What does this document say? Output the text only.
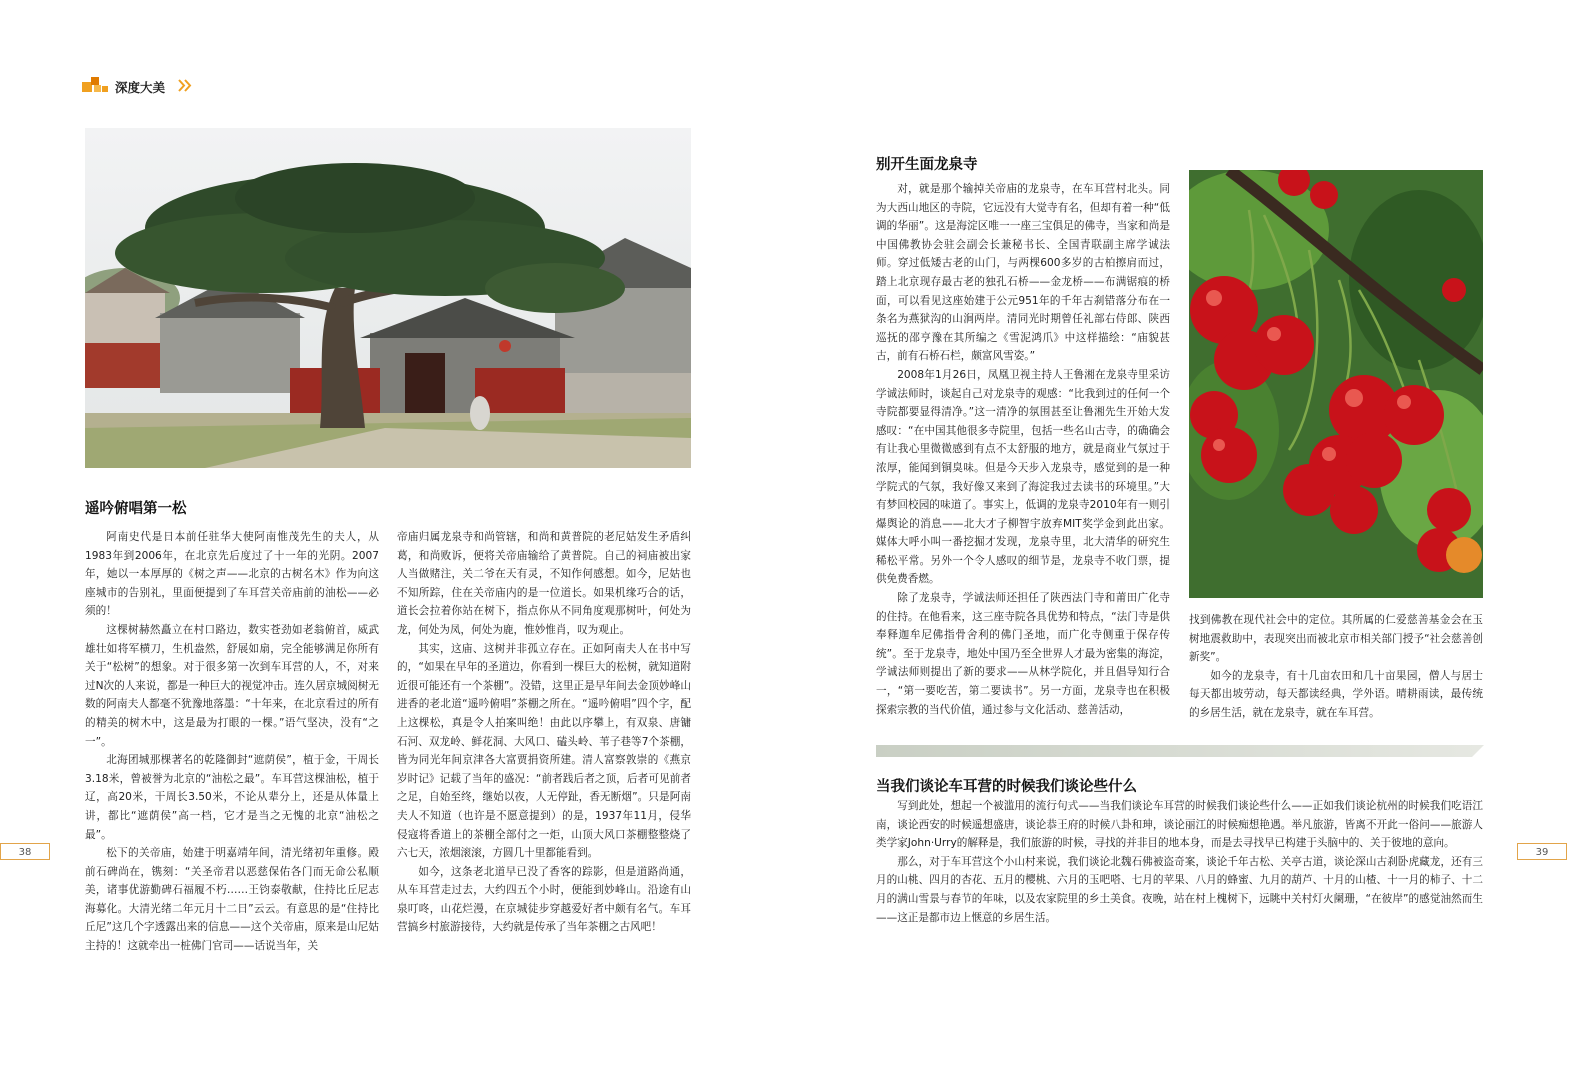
深度大美
遥吟俯唱第一松

阿南史代是日本前任驻华大使阿南惟茂先生的夫人，从1983年到2006年，在北京先后度过了十一年的光阴。2007年，她以一本厚厚的《树之声——北京的古树名木》作为向这座城市的告别礼，里面便提到了车耳营关帝庙前的油松——必须的！

这棵树赫然矗立在村口路边，数实苍劲如老翁俯首，威武雄壮如将军横刀，生机盎然，舒展如扇，完全能够满足你所有关于“松树”的想象。对于很多第一次到车耳营的人，不，对来过N次的人来说，都是一种巨大的视觉冲击。连久居京城阅树无数的阿南夫人都毫不犹豫地落墨：“十年来，在北京看过的所有的精美的树木中，这是最为打眼的一棵。”语气坚决，没有“之一”。

北海团城那棵著名的乾隆御封“遮荫侯”，植于金，干周长3.18米，曾被誉为北京的“油松之最”。车耳营这棵油松，植于辽，高20米，干周长3.50米，不论从辈分上，还是从体量上讲，都比“遮荫侯”高一档，它才是当之无愧的北京“油松之最”。

松下的关帝庙，始建于明嘉靖年间，清光绪初年重修。殿前石碑尚在，镌刻：“关圣帝君以恶慈保佑各门而无命公私顺美，诸事优游勤碑石福履不朽……王钧泰敬献，住持比丘尼志海募化。大清光绪二年元月十二日”云云。有意思的是“住持比丘尼”这几个字透露出来的信息——这个关帝庙，原来是山尼姑主持的！这就牵出一桩佛门官司——话说当年，关

帝庙归属龙泉寺和尚管辖，和尚和黄普院的老尼姑发生矛盾纠葛，和尚败诉，便将关帝庙输给了黄普院。自己的祠庙被出家人当做赌注，关二爷在天有灵，不知作何感想。如今，尼姑也不知所踪，住在关帝庙内的是一位道长。如果机缘巧合的话，道长会拉着你站在树下，指点你从不同角度观那树叶，何处为龙，何处为凤，何处为鹿，惟妙惟肖，叹为观止。

其实，这庙、这树并非孤立存在。正如阿南夫人在书中写的，“如果在早年的圣道边，你看到一棵巨大的松树，就知道附近很可能还有一个茶棚”。没错，这里正是早年间去金顶妙峰山进香的老北道“遥吟俯唱”茶棚之所在。“遥吟俯唱”四个字，配上这棵松，真是令人拍案叫绝！由此以序攀上，有双泉、唐镛石河、双龙岭、鲜花洞、大风口、磕头岭、苇子巷等7个茶棚，皆为同光年间京津各大富贾捐资所建。清人富察敦崇的《燕京岁时记》记载了当年的盛况：“前者践后者之顶，后者可见前者之足，自始至终，继始以夜，人无停趾，香无断烟”。只是阿南夫人不知道（也许是不愿意提到）的是，1937年11月，侵华侵寇将香道上的茶棚全部付之一炬，山顶大风口茶棚整整烧了六七天，浓烟滚滚，方圆几十里都能看到。

如今，这条老北道早已没了香客的踪影，但是道路尚通，从车耳营走过去，大约四五个小时，便能到妙峰山。沿途有山泉叮咚，山花烂漫，在京城徒步穿越爱好者中颇有名气。车耳营搞乡村旅游接待，大约就是传承了当年茶棚之古风吧！

38
别开生面龙泉寺

对，就是那个输掉关帝庙的龙泉寺，在车耳营村北头。同为大西山地区的寺院，它远没有大觉寺有名，但却有着一种“低调的华丽”。这是海淀区唯一一座三宝俱足的佛寺，当家和尚是中国佛教协会驻会副会长兼秘书长、全国青联副主席学诚法师。穿过低矮古老的山门，与两棵600多岁的古柏擦肩而过，踏上北京现存最古老的独孔石桥——金龙桥——布满锯痕的桥面，可以看见这座始建于公元951年的千年古刹错落分布在一条名为燕狱沟的山涧两岸。清同光时期曾任礼部右侍郎、陕西巡抚的邵亨豫在其所编之《雪泥鸿爪》中这样描绘：“庙貌甚古，前有石桥石栏，颇富风雪姿。”

2008年1月26日，凤凰卫视主持人王鲁湘在龙泉寺里采访学诚法师时，谈起自己对龙泉寺的观感：“比我到过的任何一个寺院都要显得清净。”这一清净的氛围甚至让鲁湘先生开始大发感叹：“在中国其他很多寺院里，包括一些名山古寺，的确确会有让我心里微微感到有点不太舒服的地方，就是商业气氛过于浓厚，能闻到铜臭味。但是今天步入龙泉寺，感觉到的是一种学院式的气氛，我好像又来到了海淀我过去读书的环境里。”大有梦回校园的味道了。事实上，低调的龙泉寺2010年有一则引爆舆论的消息——北大才子柳智宇放弃MIT奖学金到此出家。媒体大呼小叫一番挖掘才发现，龙泉寺里，北大清华的研究生稀松平常。另外一个令人感叹的细节是，龙泉寺不收门票，提供免费香燃。

除了龙泉寺，学诚法师还担任了陕西法门寺和莆田广化寺的住持。在他看来，这三座寺院各具优势和特点，“法门寺是供奉释迦牟尼佛指骨舍利的佛门圣地，而广化寺侧重于保存传统”。至于龙泉寺，地处中国乃至全世界人才最为密集的海淀，学诚法师则提出了新的要求——从林学院化，并且倡导知行合一，“第一要吃苦，第二要读书”。另一方面，龙泉寺也在积极探索宗教的当代价值，通过参与文化活动、慈善活动，

找到佛教在现代社会中的定位。其所属的仁爱慈善基金会在玉树地震救助中，表现突出而被北京市相关部门授予“社会慈善创新奖”。

如今的龙泉寺，有十几亩农田和几十亩果园，僧人与居士每天都出坡劳动，每天都读经典，学外语。晴耕雨读，最传统的乡居生活，就在龙泉寺，就在车耳营。

当我们谈论车耳营的时候我们谈论些什么

写到此处，想起一个被滥用的流行句式——当我们谈论车耳营的时候我们谈论些什么——正如我们谈论杭州的时候我们吃语江南，谈论西安的时候遥想盛唐，谈论恭王府的时候八卦和珅，谈论丽江的时候痴想艳遇。举凡旅游，皆离不开此一俗问——旅游人类学家John·Urry的解释是，我们旅游的时候，寻找的并非目的地本身，而是去寻找早已构建于头脑中的、关于彼地的意向。

那么，对于车耳营这个小山村来说，我们谈论北魏石佛被盗奇案，谈论千年古松、关亭古道，谈论深山古刹卧虎藏龙，还有三月的山桃、四月的杏花、五月的樱桃、六月的玉吧嗒、七月的苹果、八月的蜂蜜、九月的葫芦、十月的山楂、十一月的柿子、十二月的满山雪景与春节的年味，以及农家院里的乡土美食。夜晚，站在村上槐树下，远眺中关村灯火阑珊，“在彼岸”的感觉油然而生——这正是都市边上惬意的乡居生活。

39
